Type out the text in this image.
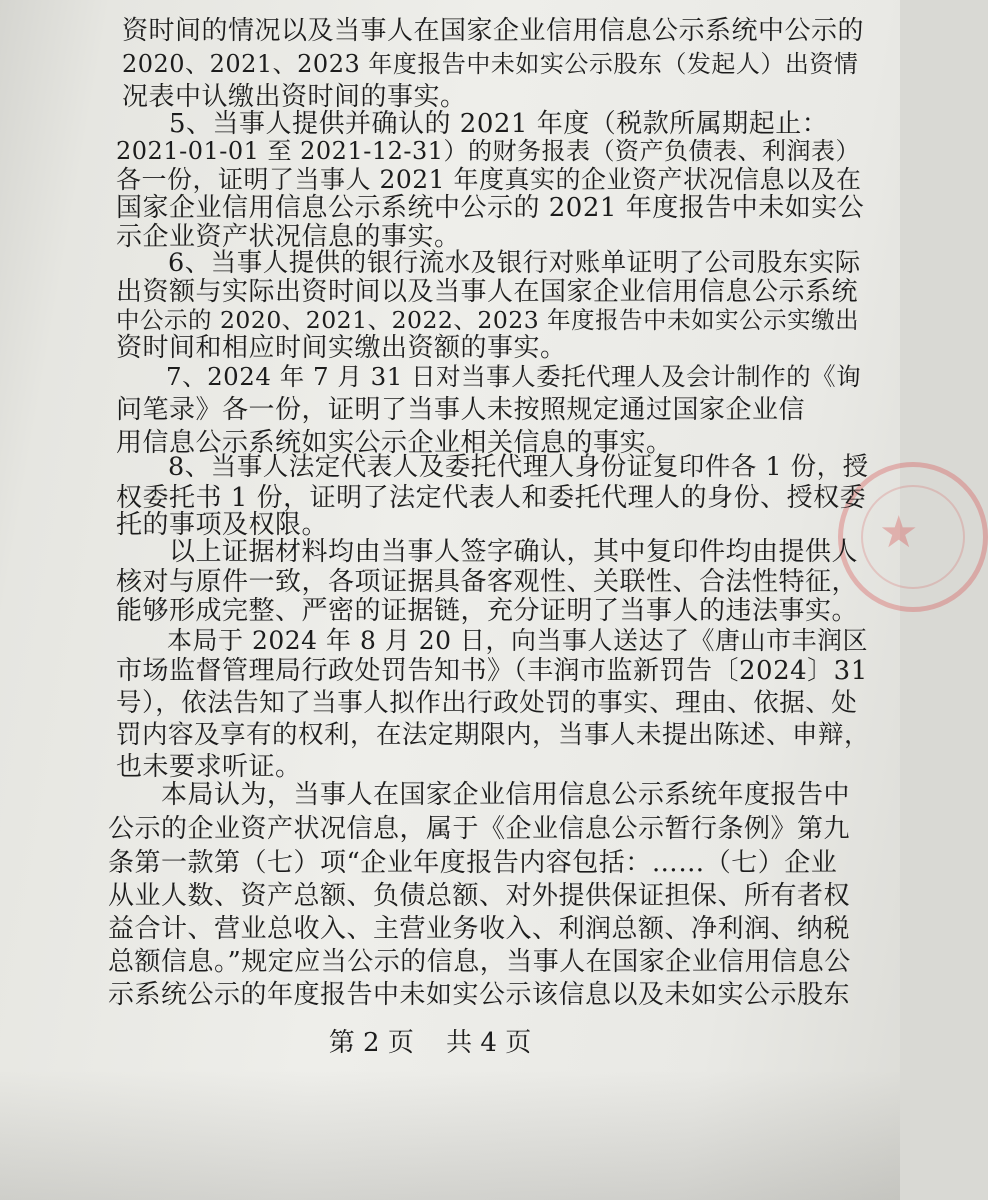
★
资时间的情况以及当事人在国家企业信用信息公示系统中公示的
2020、2021、2023 年度报告中未如实公示股东（发起人）出资情
况表中认缴出资时间的事实。
　　5、当事人提供并确认的 2021 年度（税款所属期起止：
2021-01-01 至 2021-12-31）的财务报表（资产负债表、利润表）
各一份，证明了当事人 2021 年度真实的企业资产状况信息以及在
国家企业信用信息公示系统中公示的 2021 年度报告中未如实公
示企业资产状况信息的事实。
　　6、当事人提供的银行流水及银行对账单证明了公司股东实际
出资额与实际出资时间以及当事人在国家企业信用信息公示系统
中公示的 2020、2021、2022、2023 年度报告中未如实公示实缴出
资时间和相应时间实缴出资额的事实。
　　7、2024 年 7 月 31 日对当事人委托代理人及会计制作的《询
问笔录》各一份，证明了当事人未按照规定通过国家企业信
用信息公示系统如实公示企业相关信息的事实。
　　8、当事人法定代表人及委托代理人身份证复印件各 1 份，授
权委托书 1 份，证明了法定代表人和委托代理人的身份、授权委
托的事项及权限。
　　以上证据材料均由当事人签字确认，其中复印件均由提供人
核对与原件一致，各项证据具备客观性、关联性、合法性特征，
能够形成完整、严密的证据链，充分证明了当事人的违法事实。
　　本局于 2024 年 8 月 20 日，向当事人送达了《唐山市丰润区
市场监督管理局行政处罚告知书》（丰润市监新罚告〔2024〕31
号），依法告知了当事人拟作出行政处罚的事实、理由、依据、处
罚内容及享有的权利，在法定期限内，当事人未提出陈述、申辩，
也未要求听证。
　　本局认为，当事人在国家企业信用信息公示系统年度报告中
公示的企业资产状况信息，属于《企业信息公示暂行条例》第九
条第一款第（七）项“企业年度报告内容包括：……（七）企业
从业人数、资产总额、负债总额、对外提供保证担保、所有者权
益合计、营业总收入、主营业务收入、利润总额、净利润、纳税
总额信息。”规定应当公示的信息，当事人在国家企业信用信息公
示系统公示的年度报告中未如实公示该信息以及未如实公示股东
第 2 页 共 4 页
